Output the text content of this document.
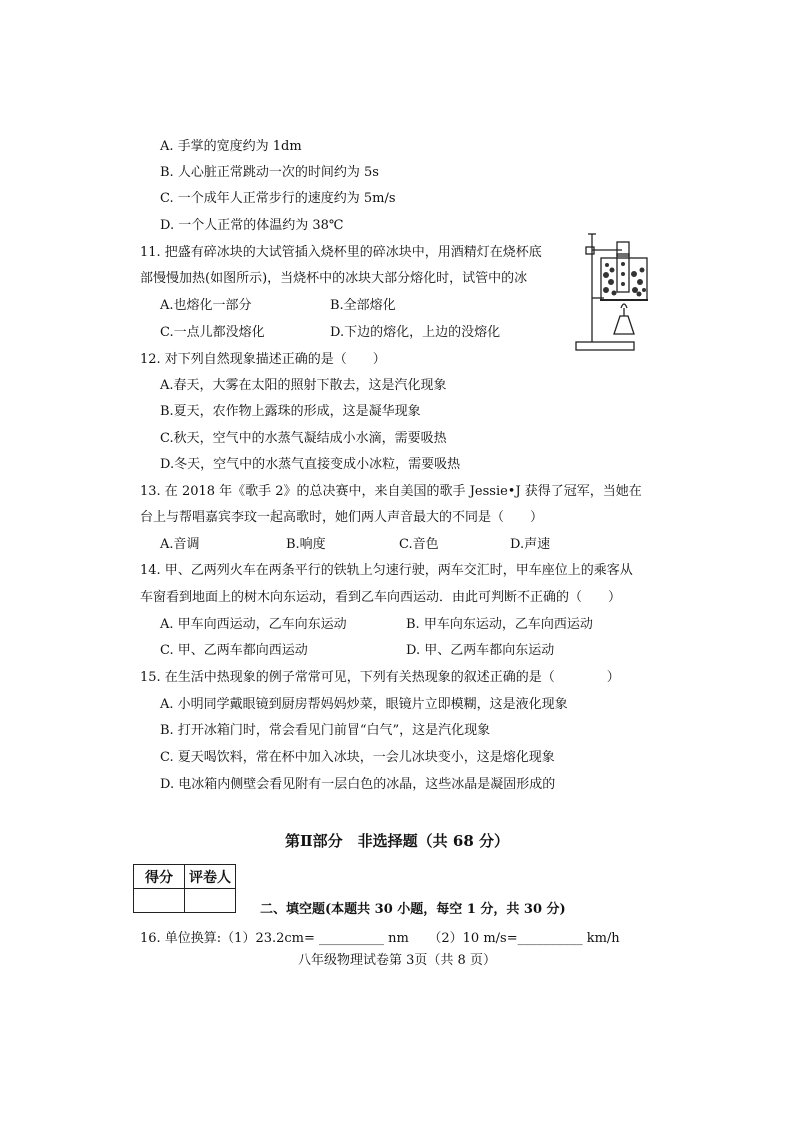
A. 手掌的宽度约为 1dm
B. 人心脏正常跳动一次的时间约为 5s
C. 一个成年人正常步行的速度约为 5m/s
D. 一个人正常的体温约为 38℃
11. 把盛有碎冰块的大试管插入烧杯里的碎冰块中，用酒精灯在烧杯底
部慢慢加热(如图所示)，当烧杯中的冰块大部分熔化时，试管中的冰
A.也熔化一部分	B.全部熔化
C.一点儿都没熔化	D.下边的熔化，上边的没熔化
12. 对下列自然现象描述正确的是（　　）
A.春天，大雾在太阳的照射下散去，这是汽化现象
B.夏天，农作物上露珠的形成，这是凝华现象
C.秋天，空气中的水蒸气凝结成小水滴，需要吸热
D.冬天，空气中的水蒸气直接变成小冰粒，需要吸热
13. 在 2018 年《歌手 2》的总决赛中，来自美国的歌手 Jessie•J 获得了冠军，当她在
台上与帮唱嘉宾李玟一起高歌时，她们两人声音最大的不同是（　　）
A.音调	B.响度	C.音色	D.声速
14. 甲、乙两列火车在两条平行的铁轨上匀速行驶，两车交汇时，甲车座位上的乘客从
车窗看到地面上的树木向东运动，看到乙车向西运动．由此可判断不正确的（　　）
A. 甲车向西运动，乙车向东运动	B. 甲车向东运动，乙车向西运动
C. 甲、乙两车都向西运动	D. 甲、乙两车都向东运动
15. 在生活中热现象的例子常常可见，下列有关热现象的叙述正确的是（　　　　）
A. 小明同学戴眼镜到厨房帮妈妈炒菜，眼镜片立即模糊，这是液化现象
B. 打开冰箱门时，常会看见门前冒“白气”，这是汽化现象
C. 夏天喝饮料，常在杯中加入冰块，一会儿冰块变小，这是熔化现象
D. 电冰箱内侧壁会看见附有一层白色的冰晶，这些冰晶是凝固形成的
第Ⅱ部分　非选择题（共 68 分）
得分	评卷人

二、填空题(本题共 30 小题，每空 1 分，共 30 分)
16. 单位换算:（1）23.2cm= __________ nm　　（2）10 m/s=__________ km/h
八年级物理试卷第 3页（共 8 页）
